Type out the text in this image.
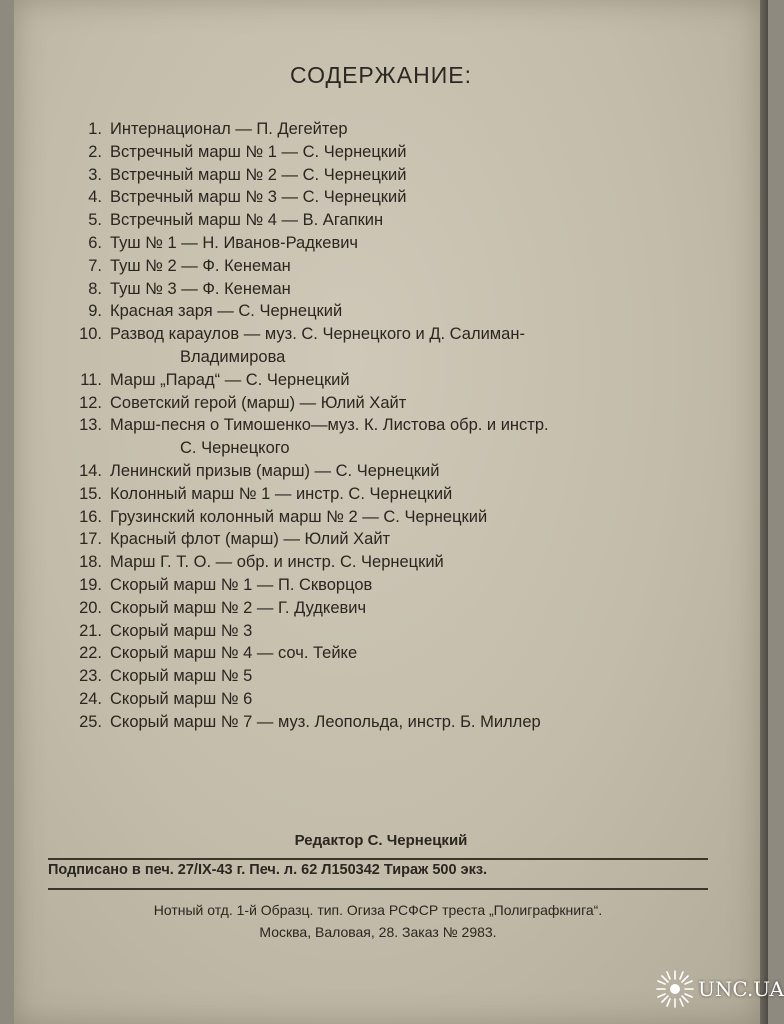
СОДЕРЖАНИЕ:
1. Интернационал — П. Дегейтер
2. Встречный марш № 1 — С. Чернецкий
3. Встречный марш № 2 — С. Чернецкий
4. Встречный марш № 3 — С. Чернецкий
5. Встречный марш № 4 — В. Агапкин
6. Туш № 1 — Н. Иванов-Радкевич
7. Туш № 2 — Ф. Кенеман
8. Туш № 3 — Ф. Кенеман
9. Красная заря — С. Чернецкий
10. Развод караулов — муз. С. Чернецкого и Д. Салиман-
Владимирова
11. Марш „Парад“ — С. Чернецкий
12. Советский герой (марш) — Юлий Хайт
13. Марш-песня о Тимошенко—муз. К. Листова обр. и инстр.
С. Чернецкого
14. Ленинский призыв (марш) — С. Чернецкий
15. Колонный марш № 1 — инстр. С. Чернецкий
16. Грузинский колонный марш № 2 — С. Чернецкий
17. Красный флот (марш) — Юлий Хайт
18. Марш Г. Т. О. — обр. и инстр. С. Чернецкий
19. Скорый марш № 1 — П. Скворцов
20. Скорый марш № 2 — Г. Дудкевич
21. Скорый марш № 3
22. Скорый марш № 4 — соч. Тейке
23. Скорый марш № 5
24. Скорый марш № 6
25. Скорый марш № 7 — муз. Леопольда, инстр. Б. Миллер
Редактор С. Чернецкий
Подписано в печ. 27/IX-43 г. Печ. л. 62 Л150342 Тираж 500 экз.
Нотный отд. 1-й Образц. тип. Огиза РСФСР треста „Полиграфкнига“.
Москва, Валовая, 28. Заказ № 2983.
UNC.UA
